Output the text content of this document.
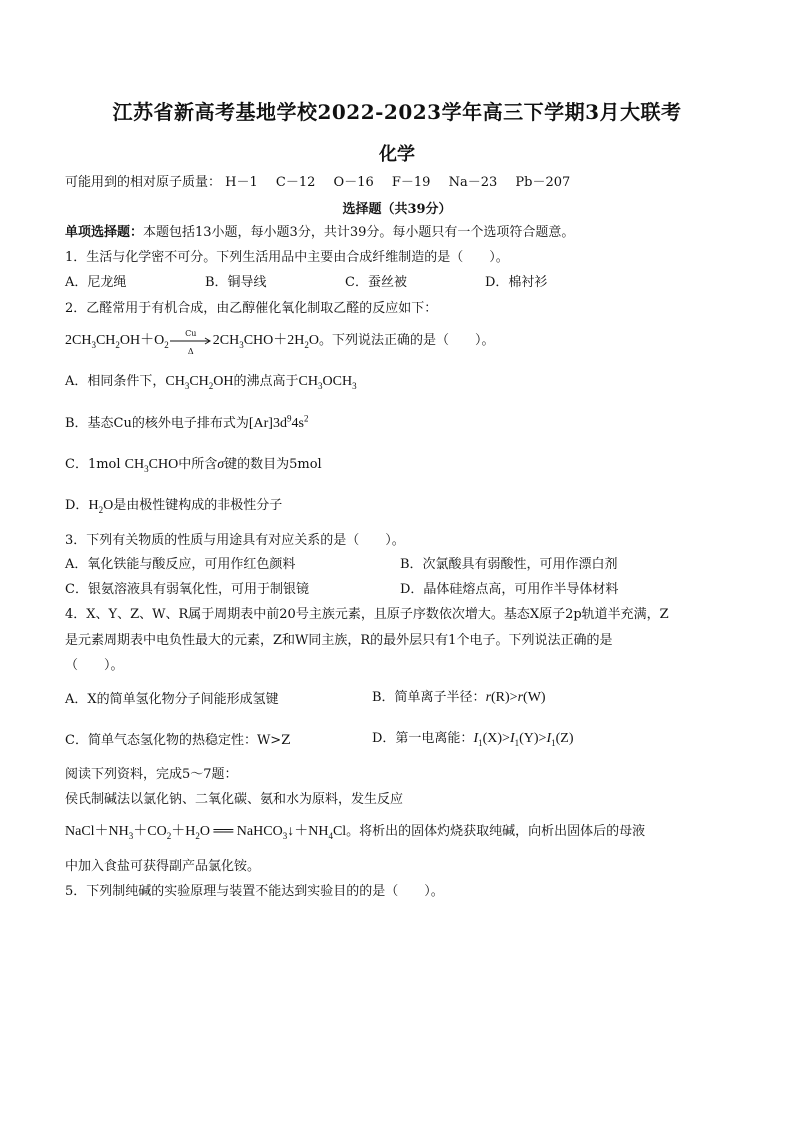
江苏省新高考基地学校2022-2023学年高三下学期3月大联考
化学
可能用到的相对原子质量： H－1 C－12 O－16 F－19 Na－23 Pb－207
选择题（共39分）
单项选择题：本题包括13小题，每小题3分，共计39分。每小题只有一个选项符合题意。
1．生活与化学密不可分。下列生活用品中主要由合成纤维制造的是（　　）。
A．尼龙绳	B．铜导线	C．蚕丝被	D．棉衬衫
2．乙醛常用于有机合成，由乙醇催化氧化制取乙醛的反应如下：
$2CH_3CH_2OH+O_2$
Cu
Δ
$2CH_3CHO+2H_2O$。下列说法正确的是（　　）。
A．相同条件下，$CH_3CH_2OH$的沸点高于$CH_3OCH_3$
B．基态Cu的核外电子排布式为$[Ar]3d^94s^2$
C．1mol $CH_3CHO$中所含σ键的数目为5mol
D．$H_2O$是由极性键构成的非极性分子
3．下列有关物质的性质与用途具有对应关系的是（　　）。
A．氧化铁能与酸反应，可用作红色颜料	B．次氯酸具有弱酸性，可用作漂白剂
C．银氨溶液具有弱氧化性，可用于制银镜	D．晶体硅熔点高，可用作半导体材料
4．X、Y、Z、W、R属于周期表中前20号主族元素，且原子序数依次增大。基态X原子2p轨道半充满，Z
是元素周期表中电负性最大的元素，Z和W同主族，R的最外层只有1个电子。下列说法正确的是
（　　）。
A．X的简单氢化物分子间能形成氢键	B．简单离子半径：r(R)>r(W)
C．简单气态氢化物的热稳定性：W>Z	D．第一电离能：$I_1(X)>I_1(Y)>I_1(Z)$
阅读下列资料，完成5～7题：
侯氏制碱法以氯化钠、二氧化碳、氨和水为原料，发生反应
$NaCl+NH_3+CO_2+H_2O$ ══ $NaHCO_3↓+NH_4Cl$。将析出的固体灼烧获取纯碱，向析出固体后的母液
中加入食盐可获得副产品氯化铵。
5．下列制纯碱的实验原理与装置不能达到实验目的的是（　　）。
